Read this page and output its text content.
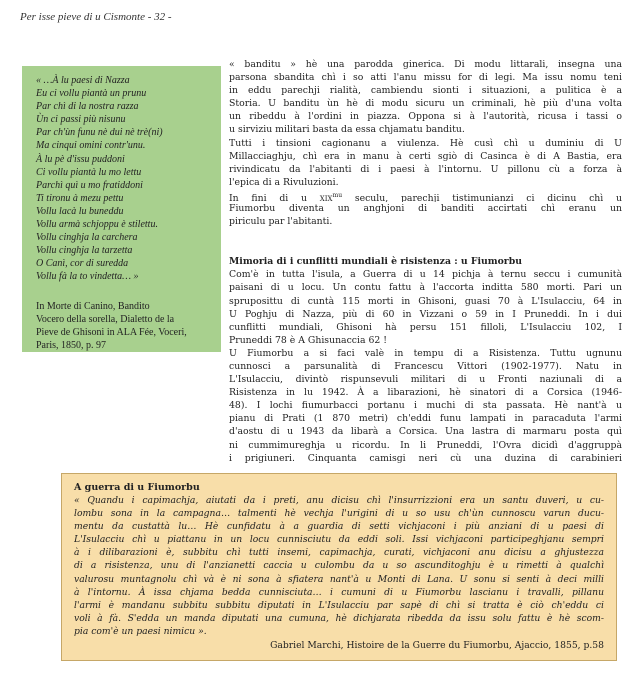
Per isse pieve di u Cismonte - 32 -
« …À lu paesi di Nazza
Eu ci vollu piantà un prunu
Par chì di la nostra razza
Ùn ci passi più nisunu
Par ch'ùn funu nè dui nè trè(ni)
Ma cinqui omini contr'unu.
À lu pè d'issu puddoni
Ci vollu piantà lu mo lettu
Parchì quì u mo fratiddoni
Ti tironu à mezu pettu
Vollu lacà lu buneddu
Vollu armà schjoppu è stilettu.
Vollu cinghja la carchera
Vollu cinghja la tarzetta
O Canì, cor di suredda
Vollu fà la to vindetta… »
In Morte di Canino, Bandito
Vocero della sorella, Dialetto de la
Pieve de Ghisoni in ALA Fée, Voceri,
Paris, 1850, p. 97
« banditu » hè una parodda ginerica. Di modu littarali, insegna una
parsona sbandita chì i so atti l'anu missu for di legi. Ma issu nomu teni
in eddu parechji rialità, cambiendu sionti i situazioni, a pulitica è a
Storia. U banditu ùn hè di modu sicuru un criminali, hè più d'una volta
un ribeddu à l'ordini in piazza. Oppona si à l'autorità, ricusa i tassi o
u sirviziu militari basta da essa chjamatu banditu.
Tutti i tinsioni cagionanu a viulenza. Hè cusì chì u duminiu di U
Millacciaghju, chì era in manu à certi sgiò di Casinca è di A Bastia, era
rivindicatu da l'abitanti di i paesi à l'intornu. U pillonu cù a forza à
l'epica di a Rivuluzioni.
In fini di u xix$^{mu}$ seculu, parechji tistimunianzi ci dicinu chì u
Fiumorbu diventa un anghjoni di banditi accirtati chì eranu un
piriculu par l'abitanti.
Mimoria di i cunflitti mundiali è risistenza : u Fiumorbu
Com'è in tutta l'isula, a Guerra di u 14 pichja à ternu seccu i cumunità
paisani di u locu. Un contu fattu à l'accorta inditta 580 morti. Pari un
spruposittu di cuntà 115 morti in Ghisoni, guasi 70 à L'Isulacciu, 64 in
U Poghju di Nazza, più di 60 in Vizzani o 59 in I Pruneddi. In i dui
cunflitti mundiali, Ghisoni hà persu 151 filloli, L'Isulacciu 102, I
Pruneddi 78 è A Ghisunaccia 62 !
U Fiumorbu a si faci valè in tempu di a Risistenza. Tuttu ugnunu
cunnosci a parsunalità di Francescu Vittori (1902-1977). Natu in
L'Isulacciu, divintò rispunsevuli militari di u Fronti naziunali di a
Risistenza in lu 1942. À a libarazioni, hè sinatori di a Corsica (1946-
48). I lochi fiumurbacci portanu i muchi di sta passata. Hè nant'à u
pianu di Prati (1 870 metri) ch'eddi funu lampati in paracaduta l'armi
d'aostu di u 1943 da libarà a Corsica. Una lastra di marmaru posta quì
ni cummimureghja u ricordu. In li Pruneddi, l'Ovra dicidì d'aggruppà
i prigiuneri. Cinquanta camisgi neri cù una duzina di carabinieri
A guerra di u Fiumorbu
« Quandu i capimachja, aiutati da i preti, anu dicisu chì l'insurrizzioni era un santu duveri, u cu-
lombu sona in la campagna… talmenti hè vechja l'urigini di u so usu ch'ùn cunnoscu varun ducu-
mentu da custattà lu… Hè cunfidatu à a guardia di setti vichjaconi i più anziani di u paesi di
L'Isulacciu chì u piattanu in un locu cunnisciutu da eddi soli. Issi vichjaconi participeghjanu sempri
à i dilibarazioni è, subbitu chì tutti insemi, capimachja, curati, vichjaconi anu dicisu a ghjustezza
di a risistenza, unu di l'anzianetti caccia u culombu da u so ascunditoghju è u rimetti à qualchì
valurosu muntagnolu chì và è ni sona à sfiatera nant'à u Monti di Lana. U sonu si senti à deci milli
à l'intornu. À issa chjama bedda cunnisciuta… i cumuni di u Fiumorbu lascianu i travalli, pillanu
l'armi è mandanu subbitu subbitu diputati in L'Isulacciu par sapè di chì si tratta è ciò ch'eddu ci
voli à fà. S'edda un manda diputati una cumuna, hè dichjarata ribedda da issu solu fattu è hè scom-
pia com'è un paesi nimicu ».
Gabriel Marchi, Histoire de la Guerre du Fiumorbu, Ajaccio, 1855, p.58
